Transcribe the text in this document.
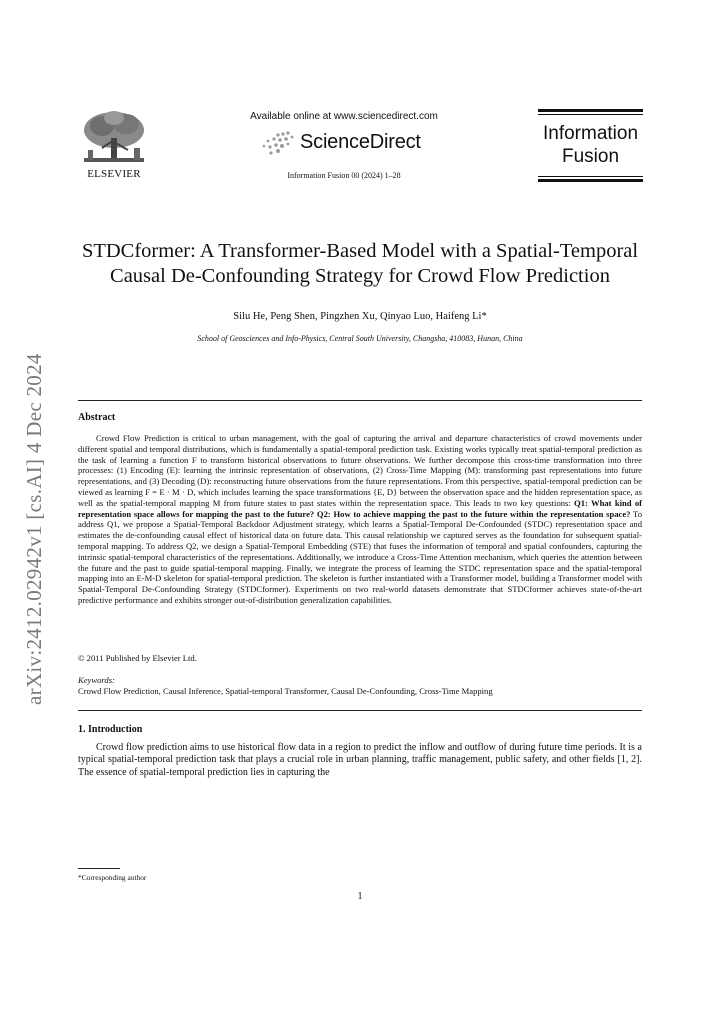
arXiv:2412.02942v1 [cs.AI] 4 Dec 2024
ELSEVIER
Available online at www.sciencedirect.com
ScienceDirect
Information Fusion 00 (2024) 1–28
Information
Fusion
STDCformer: A Transformer-Based Model with a Spatial-Temporal
Causal De-Confounding Strategy for Crowd Flow Prediction
Silu He, Peng Shen, Pingzhen Xu, Qinyao Luo, Haifeng Li*
School of Geosciences and Info-Physics, Central South University, Changsha, 410083, Hunan, China
Abstract
Crowd Flow Prediction is critical to urban management, with the goal of capturing the arrival and departure characteristics of crowd movements under different spatial and temporal distributions, which is fundamentally a spatial-temporal prediction task. Existing works typically treat spatial-temporal prediction as the task of learning a function F to transform historical observations to future observations. We further decompose this cross-time transformation into three processes: (1) Encoding (E): learning the intrinsic representation of observations, (2) Cross-Time Mapping (M): transforming past representations into future representations, and (3) Decoding (D): reconstructing future observations from the future representations. From this perspective, spatial-temporal prediction can be viewed as learning F = E · M · D, which includes learning the space transformations {E, D} between the observation space and the hidden representation space, as well as the spatial-temporal mapping M from future states to past states within the representation space. This leads to two key questions: Q1: What kind of representation space allows for mapping the past to the future? Q2: How to achieve mapping the past to the future within the representation space? To address Q1, we propose a Spatial-Temporal Backdoor Adjustment strategy, which learns a Spatial-Temporal De-Confounded (STDC) representation space and estimates the de-confounding causal effect of historical data on future data. This causal relationship we captured serves as the foundation for subsequent spatial-temporal mapping. To address Q2, we design a Spatial-Temporal Embedding (STE) that fuses the information of temporal and spatial confounders, capturing the intrinsic spatial-temporal characteristics of the representations. Additionally, we introduce a Cross-Time Attention mechanism, which queries the attention between the future and the past to guide spatial-temporal mapping. Finally, we integrate the process of learning the STDC representation space and the spatial-temporal mapping into an E-M-D skeleton for spatial-temporal prediction. The skeleton is further instantiated with a Transformer model, building a Transformer model with Spatial-Temporal De-Confounding Strategy (STDCformer). Experiments on two real-world datasets demonstrate that STDCformer achieves state-of-the-art predictive performance and exhibits stronger out-of-distribution generalization capabilities.
© 2011 Published by Elsevier Ltd.
Keywords:
Crowd Flow Prediction, Causal Inference, Spatial-temporal Transformer, Causal De-Confounding, Cross-Time Mapping
1. Introduction
Crowd flow prediction aims to use historical flow data in a region to predict the inflow and outflow of during future time periods. It is a typical spatial-temporal prediction task that plays a crucial role in urban planning, traffic management, public safety, and other fields [1, 2]. The essence of spatial-temporal prediction lies in capturing the
*Corresponding author
1
